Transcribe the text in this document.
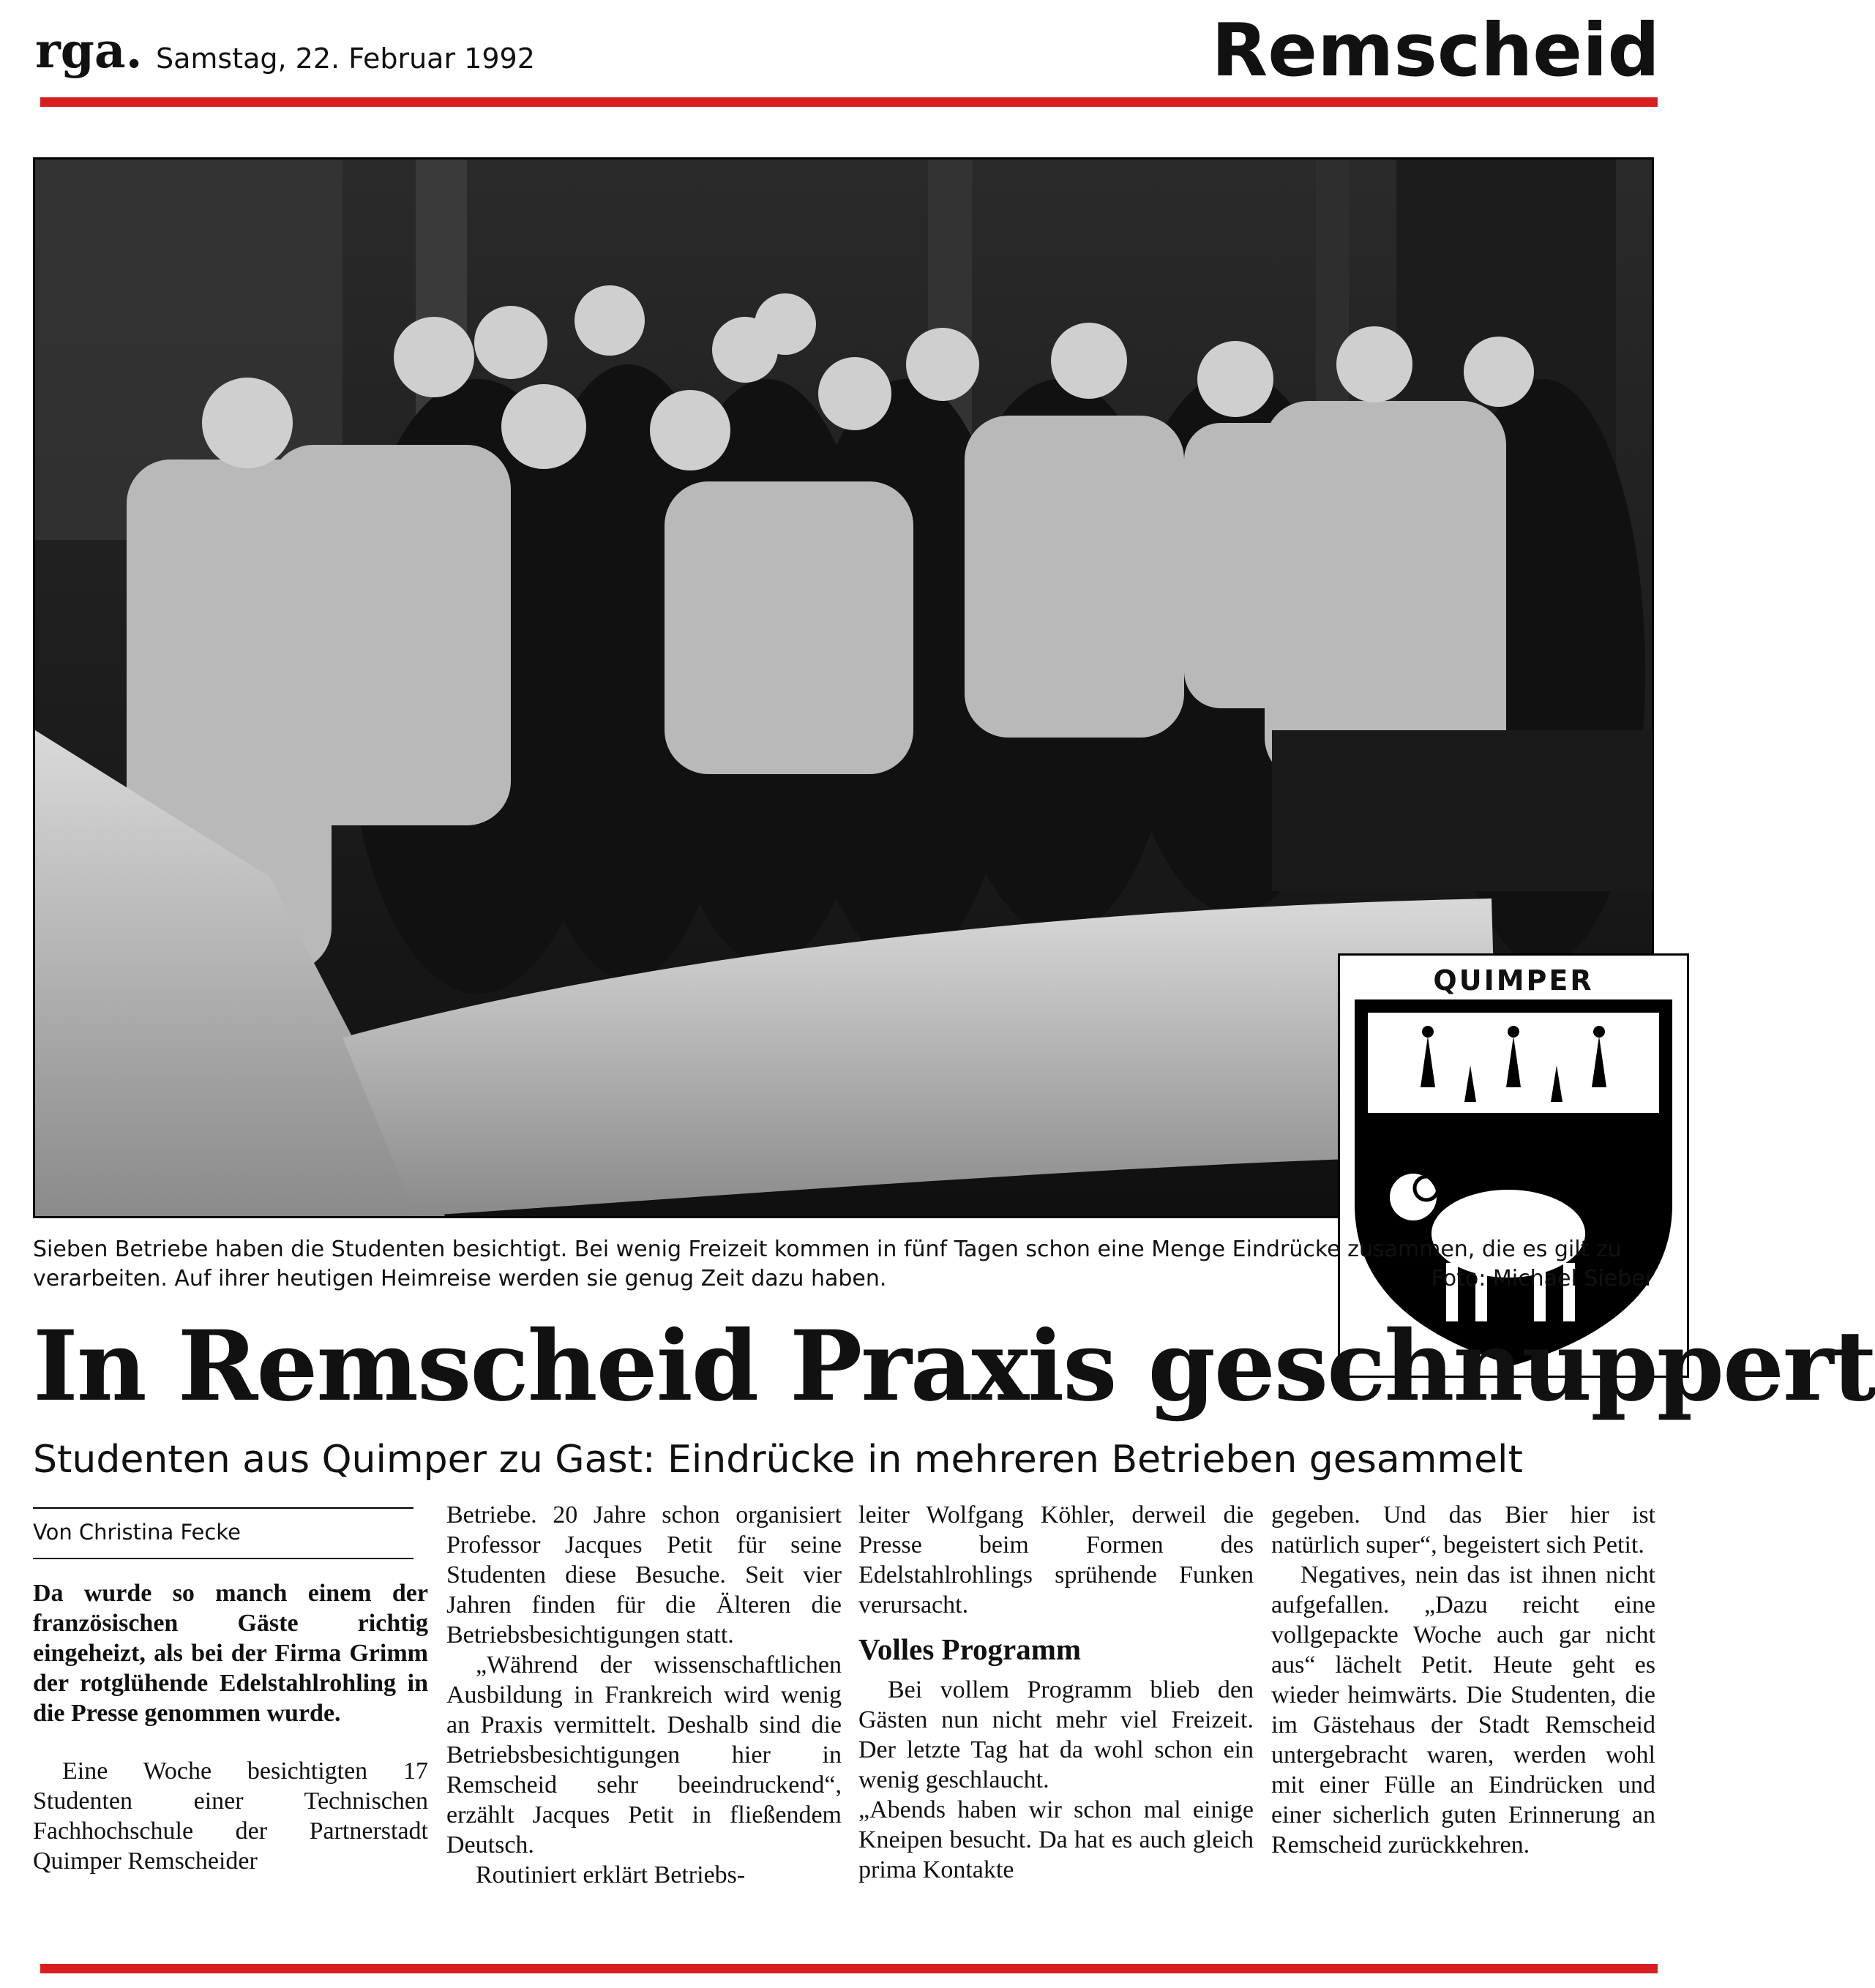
rga. Samstag, 22. Februar 1992	Remscheid
QUIMPER
Sieben Betriebe haben die Studenten besichtigt. Bei wenig Freizeit kommen in fünf Tagen schon eine Menge Eindrücke zusammen, die es gilt zu verarbeiten. Auf ihrer heutigen Heimreise werden sie genug Zeit dazu haben.	Foto: Michael Sieber
In Remscheid Praxis geschnuppert
Studenten aus Quimper zu Gast: Eindrücke in mehreren Betrieben gesammelt
Von Christina Fecke

Da wurde so manch einem der französischen Gäste richtig eingeheizt, als bei der Firma Grimm der rotglühende Edelstahlrohling in die Presse genommen wurde.

Eine Woche besichtigten 17 Studenten einer Technischen Fachhochschule der Partnerstadt Quimper Remscheider

Betriebe. 20 Jahre schon organisiert Professor Jacques Petit für seine Studenten diese Besuche. Seit vier Jahren finden für die Älteren die Betriebsbesichtigungen statt.

„Während der wissenschaftlichen Ausbildung in Frankreich wird wenig an Praxis vermittelt. Deshalb sind die Betriebsbesichtigungen hier in Remscheid sehr beeindruckend“, erzählt Jacques Petit in fließendem Deutsch.

Routiniert erklärt Betriebs-

leiter Wolfgang Köhler, derweil die Presse beim Formen des Edelstahlrohlings sprühende Funken verursacht.

Volles Programm

Bei vollem Programm blieb den Gästen nun nicht mehr viel Freizeit. Der letzte Tag hat da wohl schon ein wenig geschlaucht.

„Abends haben wir schon mal einige Kneipen besucht. Da hat es auch gleich prima Kontakte

gegeben. Und das Bier hier ist natürlich super“, begeistert sich Petit.

Negatives, nein das ist ihnen nicht aufgefallen. „Dazu reicht eine vollgepackte Woche auch gar nicht aus“ lächelt Petit. Heute geht es wieder heimwärts. Die Studenten, die im Gästehaus der Stadt Remscheid untergebracht waren, werden wohl mit einer Fülle an Eindrücken und einer sicherlich guten Erinnerung an Remscheid zurückkehren.
